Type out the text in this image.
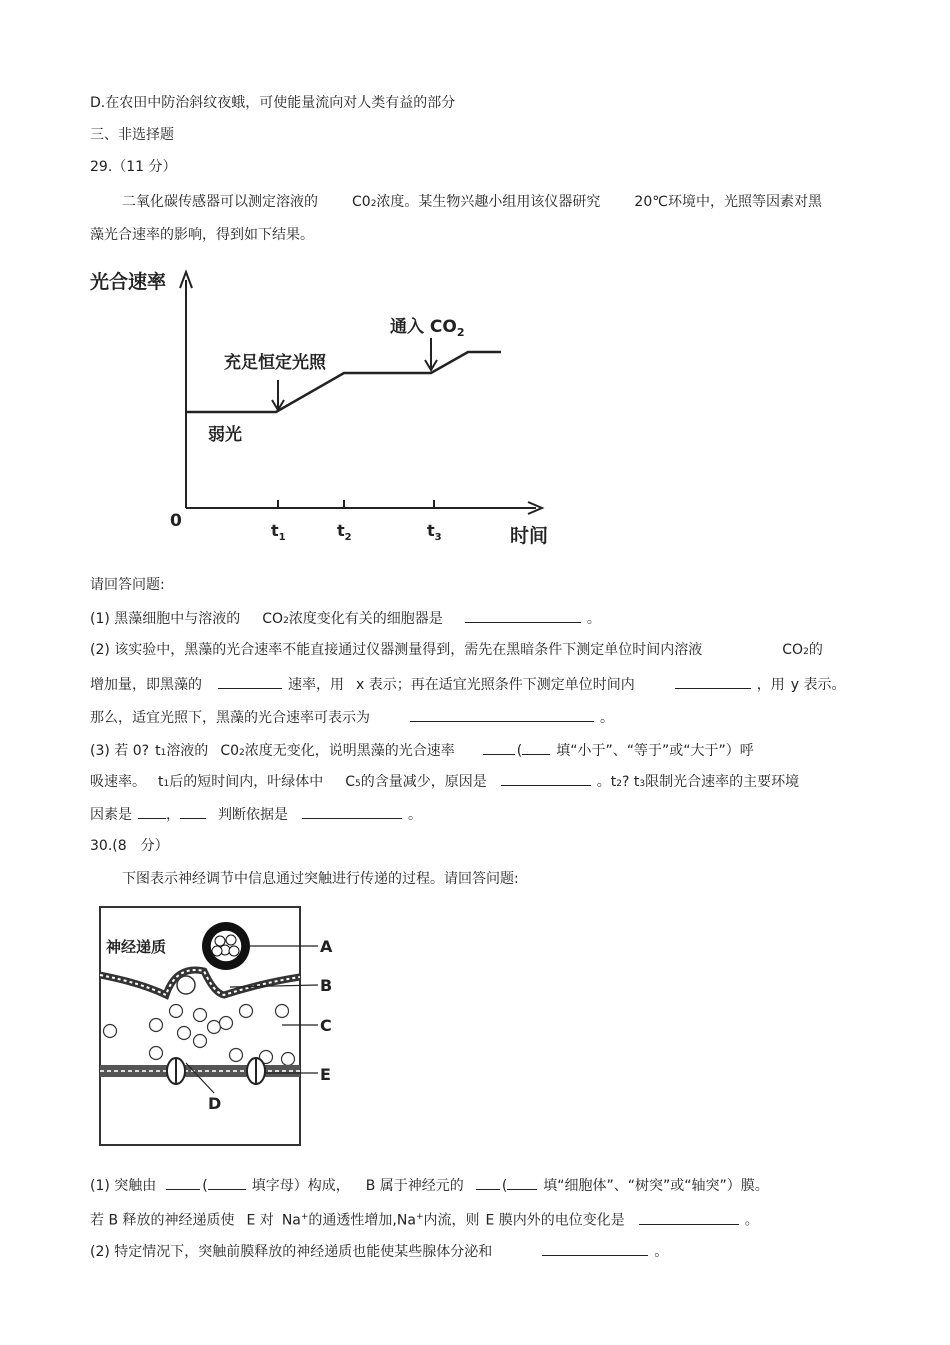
D.在农田中防治斜纹夜蛾，可使能量流向对人类有益的部分
三、非选择题
29.（11 分）
二氧化碳传感器可以测定溶液的 C02浓度。某生物兴趣小组用该仪器研究 20℃环境中，光照等因素对黑
藻光合速率的影响，得到如下结果。
光合速率
时间
0	$t_1$	$t_2$	$t_3$
弱光
充足恒定光照
通入 $CO_2$
请回答问题:
(1) 黑藻细胞中与溶液的 CO2浓度变化有关的细胞器是	。
(2) 该实验中，黑藻的光合速率不能直接通过仪器测量得到，需先在黑暗条件下测定单位时间内溶液	CO2的
增加量，即黑藻的	速率，用 x 表示；再在适宜光照条件下测定单位时间内	，用 y 表示。
那么，适宜光照下，黑藻的光合速率可表示为	。
(3) 若 0? t1溶液的 C02浓度无变化，说明黑藻的光合速率	( 填“小于”、“等于”或“大于”）呼
吸速率。 t1后的短时间内，叶绿体中 C5的含量减少，原因是	。t2? t3限制光合速率的主要环境
因素是 ，	判断依据是	。
30.(8　分）
下图表示神经调节中信息通过突触进行传递的过程。请回答问题:
神经递质	A
B
C
D
E
(1) 突触由	(	填字母）构成， B 属于神经元的	(	填“细胞体”、“树突”或“轴突”）膜。
若 B 释放的神经递质使 E 对 Na+的通透性增加,Na+内流，则 E 膜内外的电位变化是	。
(2) 特定情况下，突触前膜释放的神经递质也能使某些腺体分泌和	。
